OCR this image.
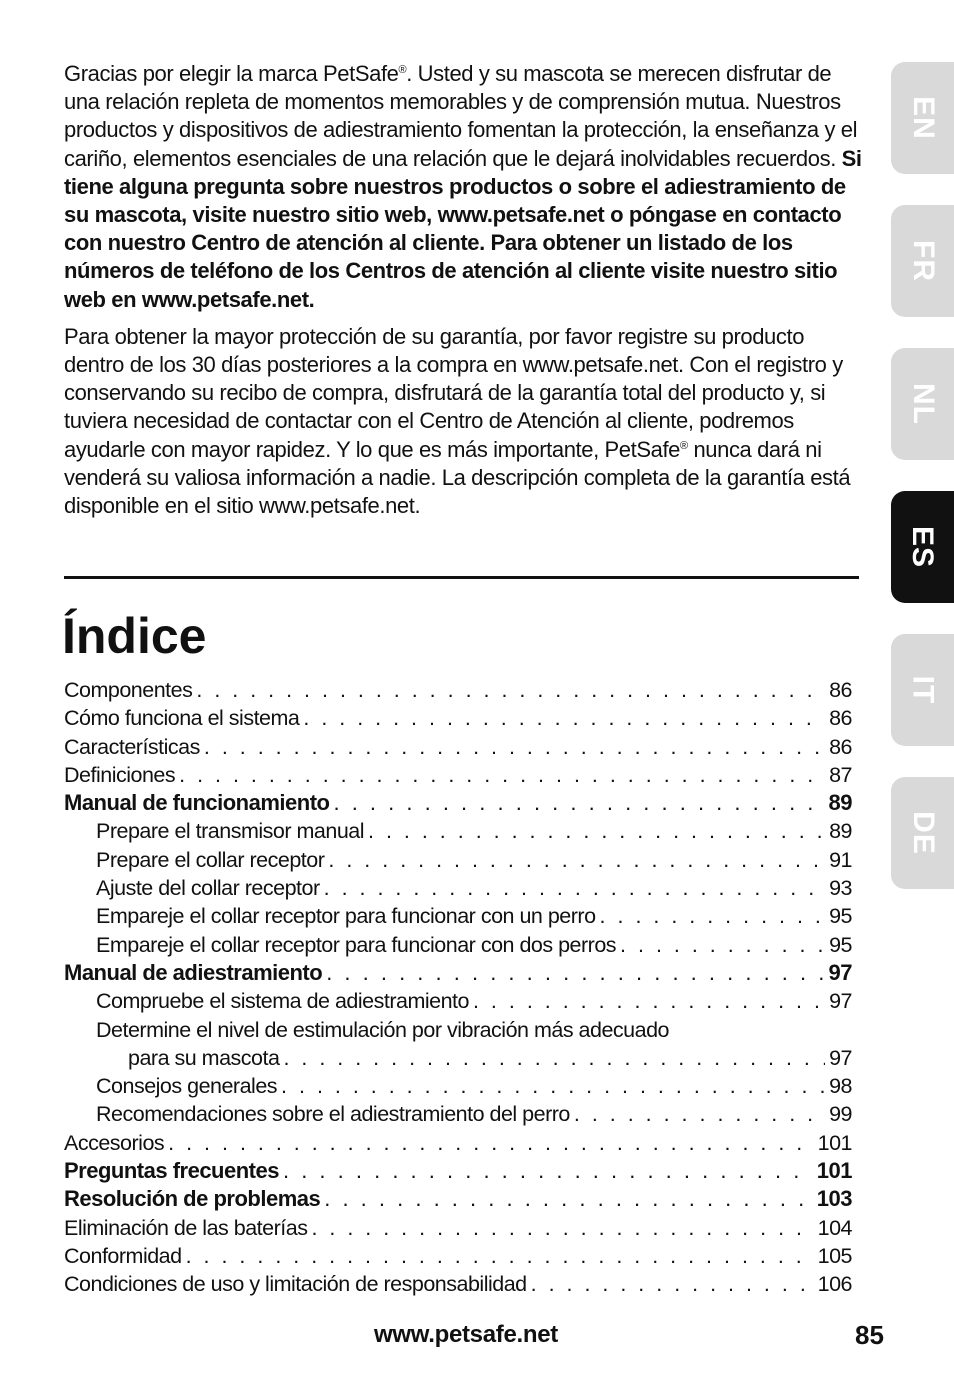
Gracias por elegir la marca PetSafe®. Usted y su mascota se merecen disfrutar de una relación repleta de momentos memorables y de comprensión mutua. Nuestros productos y dispositivos de adiestramiento fomentan la protección, la enseñanza y el cariño, elementos esenciales de una relación que le dejará inolvidables recuerdos. Si tiene alguna pregunta sobre nuestros productos o sobre el adiestramiento de su mascota, visite nuestro sitio web, www.petsafe.net o póngase en contacto con nuestro Centro de atención al cliente. Para obtener un listado de los números de teléfono de los Centros de atención al cliente visite nuestro sitio web en www.petsafe.net.

Para obtener la mayor protección de su garantía, por favor registre su producto dentro de los 30 días posteriores a la compra en www.petsafe.net. Con el registro y conservando su recibo de compra, disfrutará de la garantía total del producto y, si tuviera necesidad de contactar con el Centro de Atención al cliente, podremos ayudarle con mayor rapidez. Y lo que es más importante, PetSafe® nunca dará ni venderá su valiosa información a nadie. La descripción completa de la garantía está disponible en el sitio www.petsafe.net.

Índice
Componentes . . .	86
Cómo funciona el sistema . . .	86
Características . . .	86
Definiciones . . .	87
Manual de funcionamiento . . .	89
Prepare el transmisor manual . . .	89
Prepare el collar receptor . . .	91
Ajuste del collar receptor . . .	93
Empareje el collar receptor para funcionar con un perro . . .	95
Empareje el collar receptor para funcionar con dos perros . . .	95
Manual de adiestramiento . . .	97
Compruebe el sistema de adiestramiento . . .	97
Determine el nivel de estimulación por vibración más adecuado
para su mascota . . .	97
Consejos generales . . .	98
Recomendaciones sobre el adiestramiento del perro . . .	99
Accesorios . . .	101
Preguntas frecuentes . . .	101
Resolución de problemas . . .	103
Eliminación de las baterías . . .	104
Conformidad . . .	105
Condiciones de uso y limitación de responsabilidad . . .	106
EN
FR
NL
ES
IT
DE
www.petsafe.net	85
